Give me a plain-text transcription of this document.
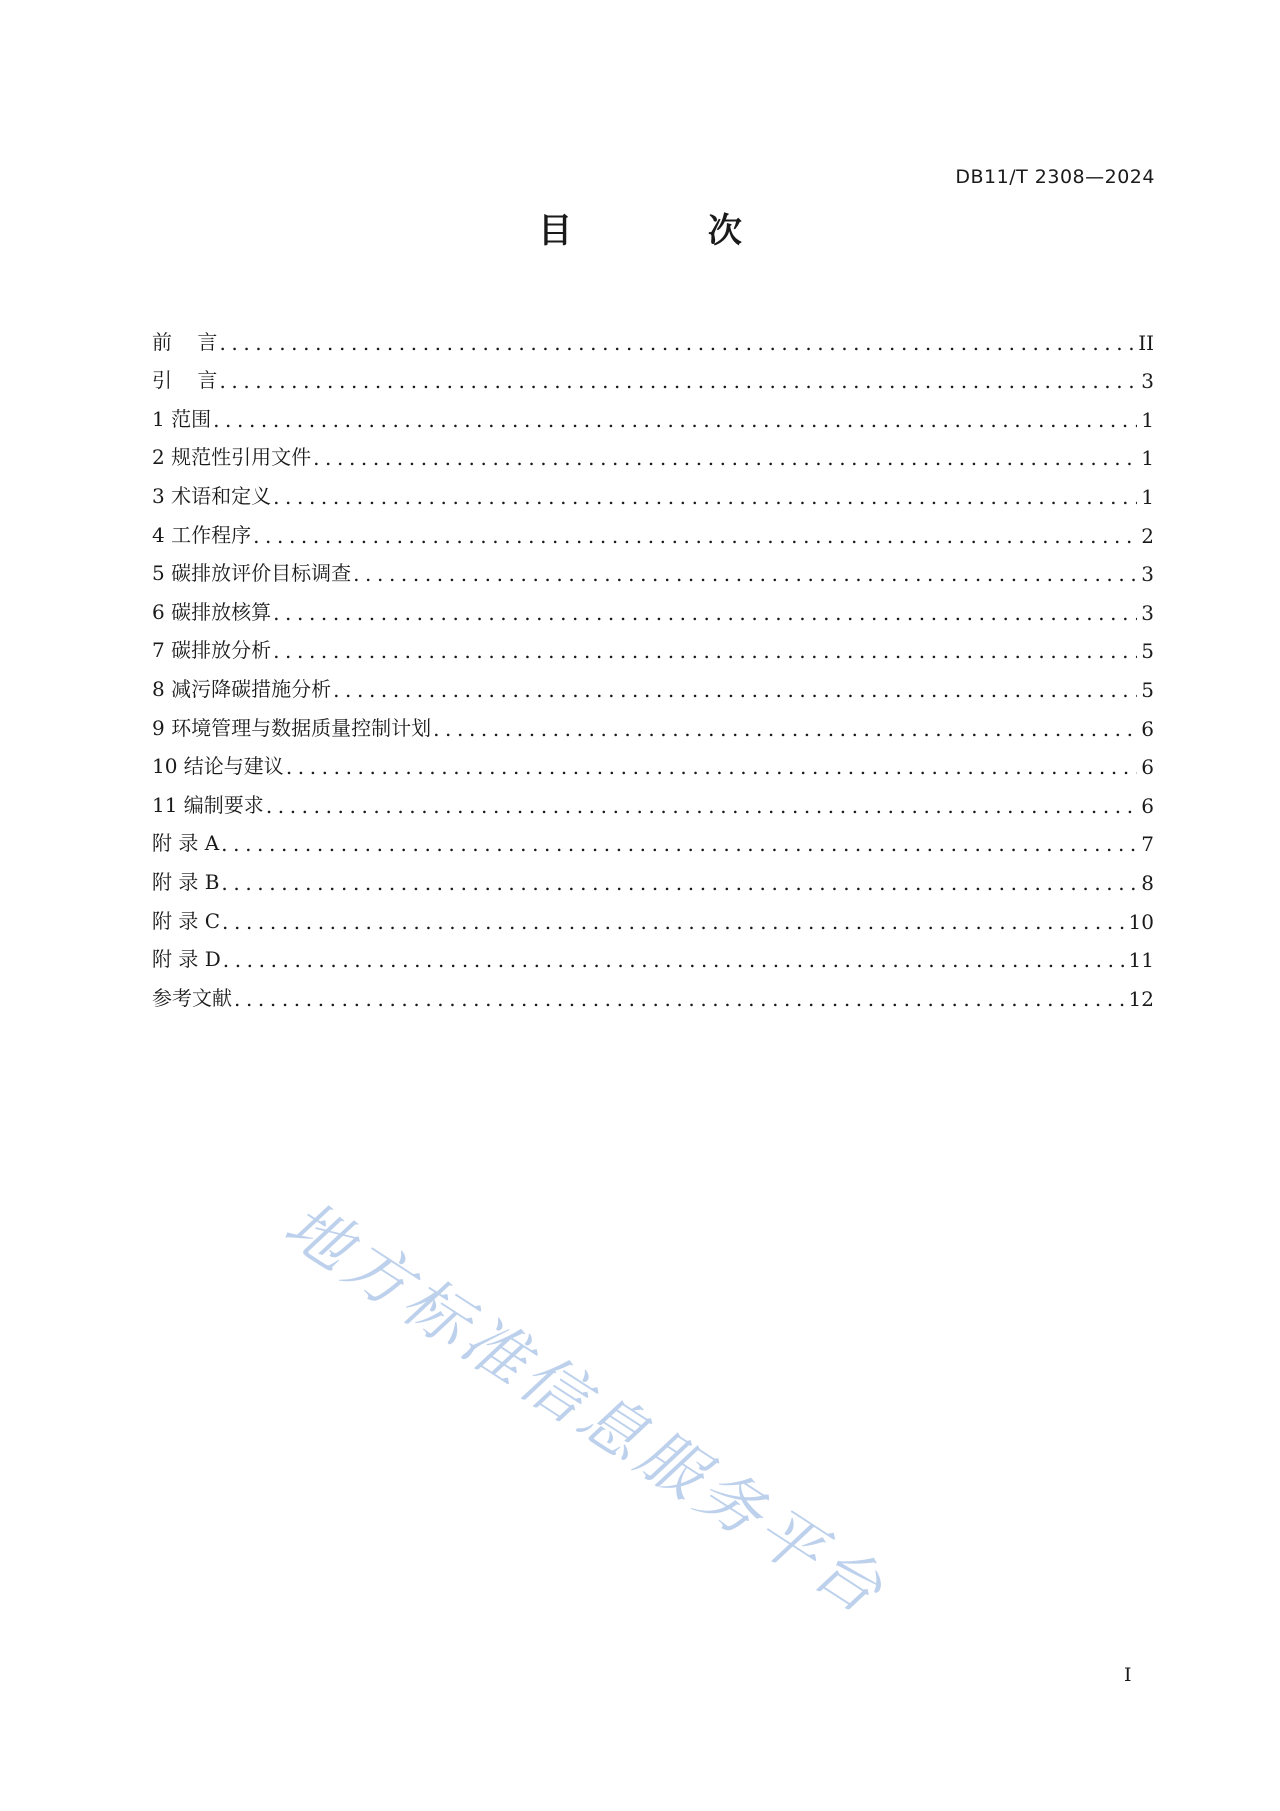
DB11/T 2308—2024
目 次
前    言 .....	II
引    言 .....	3
1 范围 .....	1
2 规范性引用文件 .....	1
3 术语和定义 .....	1
4 工作程序 .....	2
5 碳排放评价目标调查 .....	3
6 碳排放核算 .....	3
7 碳排放分析 .....	5
8 减污降碳措施分析 .....	5
9 环境管理与数据质量控制计划 .....	6
10 结论与建议 .....	6
11 编制要求 .....	6
附 录 A .....	7
附 录 B .....	8
附 录 C .....	10
附 录 D .....	11
参考文献 .....	12
地方标准信息服务平台
I
